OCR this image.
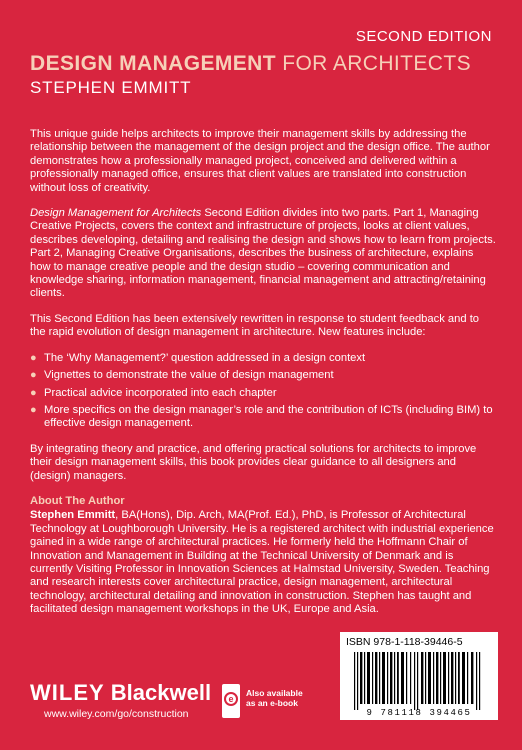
SECOND EDITION
DESIGN MANAGEMENT FOR ARCHITECTS
STEPHEN EMMITT

This unique guide helps architects to improve their management skills by addressing the relationship between the management of the design project and the design office. The author demonstrates how a professionally managed project, conceived and delivered within a professionally managed office, ensures that client values are translated into construction without loss of creativity.

Design Management for Architects Second Edition divides into two parts. Part 1, Managing Creative Projects, covers the context and infrastructure of projects, looks at client values, describes developing, detailing and realising the design and shows how to learn from projects. Part 2, Managing Creative Organisations, describes the business of architecture, explains how to manage creative people and the design studio – covering communication and knowledge sharing, information management, financial management and attracting/retaining clients.

This Second Edition has been extensively rewritten in response to student feedback and to the rapid evolution of design management in architecture. New features include:

● The ‘Why Management?’ question addressed in a design context
● Vignettes to demonstrate the value of design management
● Practical advice incorporated into each chapter
● More specifics on the design manager’s role and the contribution of ICTs (including BIM) to effective design management.

By integrating theory and practice, and offering practical solutions for architects to improve their design management skills, this book provides clear guidance to all designers and (design) managers.

About The Author

Stephen Emmitt, BA(Hons), Dip. Arch, MA(Prof. Ed.), PhD, is Professor of Architectural Technology at Loughborough University. He is a registered architect with industrial experience gained in a wide range of architectural practices. He formerly held the Hoffmann Chair of Innovation and Management in Building at the Technical University of Denmark and is currently Visiting Professor in Innovation Sciences at Halmstad University, Sweden. Teaching and research interests cover architectural practice, design management, architectural technology, architectural detailing and innovation in construction. Stephen has taught and facilitated design management workshops in the UK, Europe and Asia.

WILEY Blackwell
www.wiley.com/go/construction
e
Also available
as an e-book
ISBN 978-1-118-39446-5
9 781118 394465
